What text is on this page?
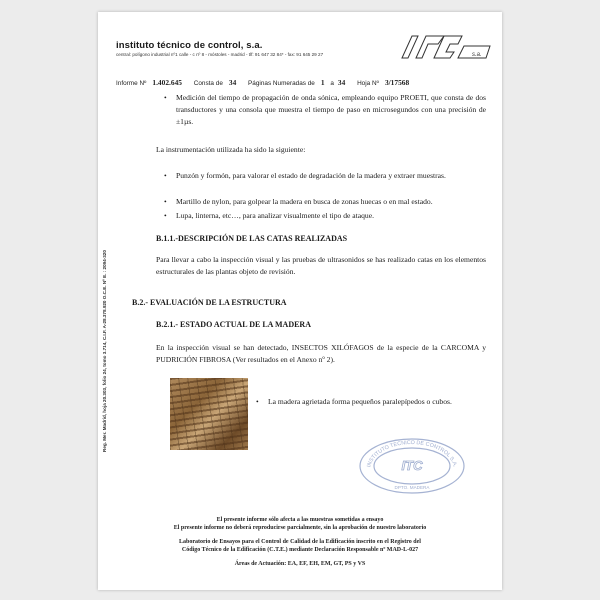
instituto técnico de control, s.a.
central: polígono industrial nº1 calle - c nº 8 - móstoles - madrid - tlf: 91 647 32 84* - fax: 91 645 29 27	s.a.
Informe Nº 1.402.645 Consta de 34 Páginas Numeradas de 1 a 34 Hoja Nº 3/17568
Reg. Mer. Madrid, hoja 20.303, folio 24, tomo 3.714, C.I.F. A-28.378.920 O.C.E. Nº E. : 2094-320
• Medición del tiempo de propagación de onda sónica, empleando equipo PROETI, que consta de dos transductores y una consola que muestra el tiempo de paso en microsegundos con una precisión de ±1µs.
La instrumentación utilizada ha sido la siguiente:
• Punzón y formón, para valorar el estado de degradación de la madera y extraer muestras.
• Martillo de nylon, para golpear la madera en busca de zonas huecas o en mal estado.
• Lupa, linterna, etc…, para analizar visualmente el tipo de ataque.
B.1.1.-DESCRIPCIÓN DE LAS CATAS REALIZADAS
Para llevar a cabo la inspección visual y las pruebas de ultrasonidos se has realizado catas en los elementos estructurales de las plantas objeto de revisión.
B.2.- EVALUACIÓN DE LA ESTRUCTURA
B.2.1.- ESTADO ACTUAL DE LA MADERA
En la inspección visual se han detectado, INSECTOS XILÓFAGOS de la especie de la CARCOMA y PUDRICIÓN FIBROSA (Ver resultados en el Anexo nº 2).
• La madera agrietada forma pequeños paralepípedos o cubos.
INSTITUTO TECNICO DE CONTROL S.A.
ITC
DPTO. MADERA
El presente informe sólo afecta a las muestras sometidas a ensayo
El presente informe no deberá reproducirse parcialmente, sin la aprobación de nuestro laboratorio
Laboratorio de Ensayos para el Control de Calidad de la Edificación inscrito en el Registro del
Código Técnico de la Edificación (C.T.E.) mediante Declaración Responsable nº MAD-L-027
Áreas de Actuación: EA, EF, EH, EM, GT, PS y VS
